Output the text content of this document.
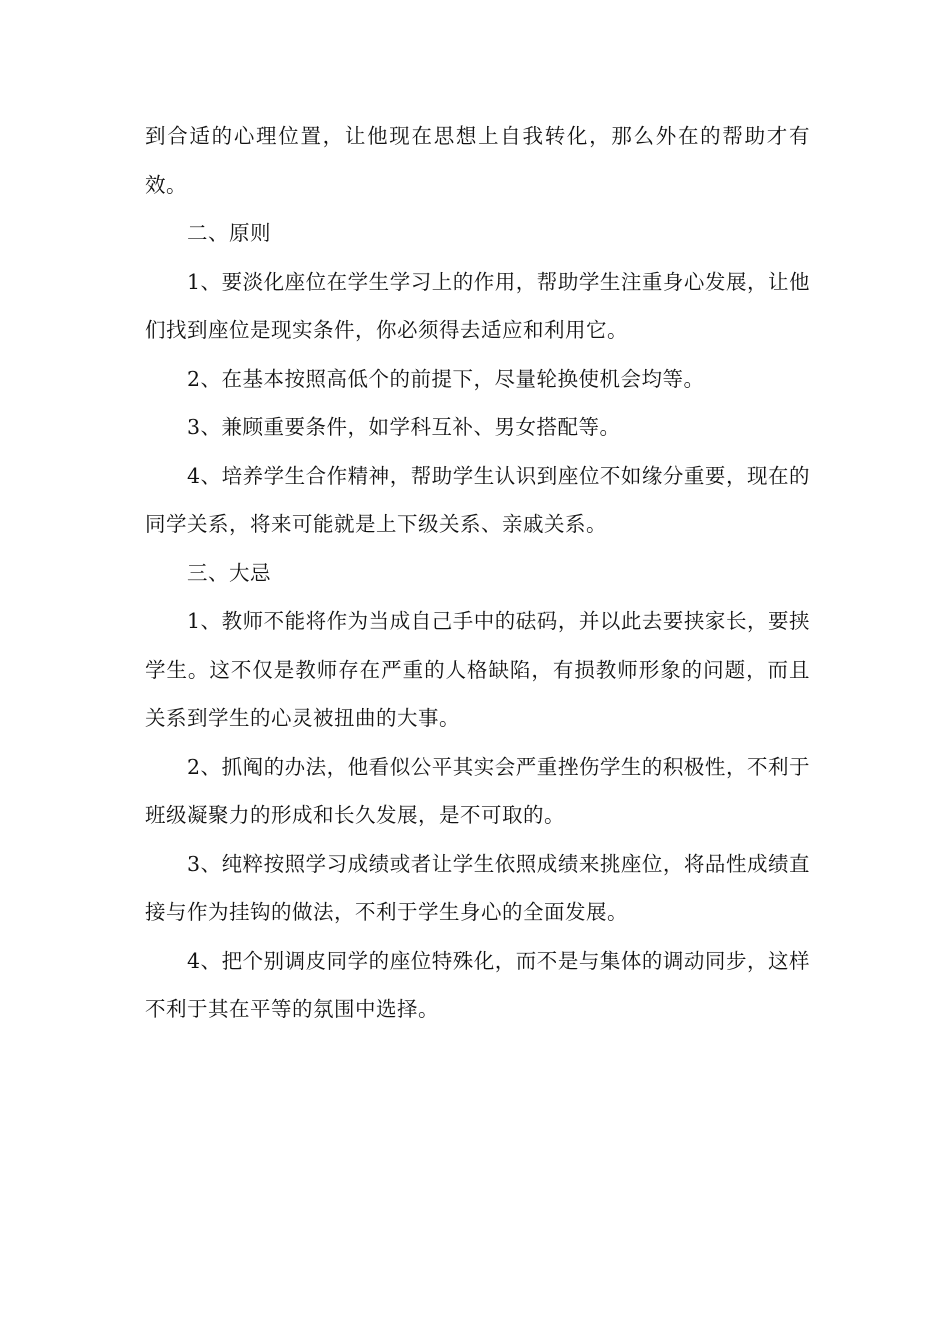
到合适的心理位置，让他现在思想上自我转化，那么外在的帮助才有效。

二、原则

1、要淡化座位在学生学习上的作用，帮助学生注重身心发展，让他们找到座位是现实条件，你必须得去适应和利用它。

2、在基本按照高低个的前提下，尽量轮换使机会均等。

3、兼顾重要条件，如学科互补、男女搭配等。

4、培养学生合作精神，帮助学生认识到座位不如缘分重要，现在的同学关系，将来可能就是上下级关系、亲戚关系。

三、大忌

1、教师不能将作为当成自己手中的砝码，并以此去要挟家长，要挟学生。这不仅是教师存在严重的人格缺陷，有损教师形象的问题，而且关系到学生的心灵被扭曲的大事。

2、抓阄的办法，他看似公平其实会严重挫伤学生的积极性，不利于班级凝聚力的形成和长久发展，是不可取的。

3、纯粹按照学习成绩或者让学生依照成绩来挑座位，将品性成绩直接与作为挂钩的做法，不利于学生身心的全面发展。

4、把个别调皮同学的座位特殊化，而不是与集体的调动同步，这样不利于其在平等的氛围中选择。
